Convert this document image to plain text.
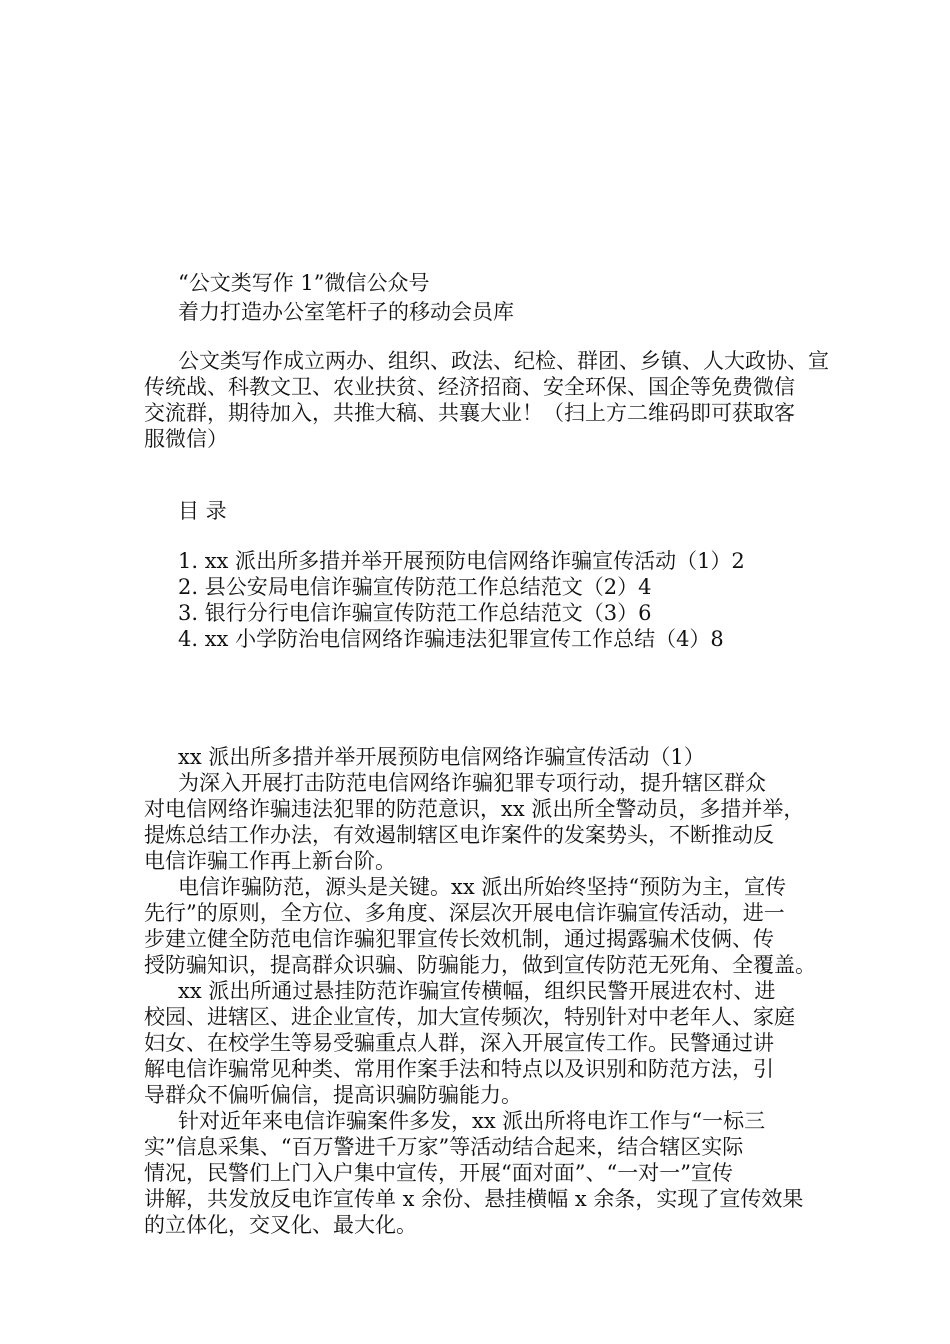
“公文类写作 1”微信公众号
着力打造办公室笔杆子的移动会员库
公文类写作成立两办、组织、政法、纪检、群团、乡镇、人大政协、宣
传统战、科教文卫、农业扶贫、经济招商、安全环保、国企等免费微信
交流群，期待加入，共推大稿、共襄大业！（扫上方二维码即可获取客
服微信）
目 录
1. xx 派出所多措并举开展预防电信网络诈骗宣传活动（1）2
2. 县公安局电信诈骗宣传防范工作总结范文（2）4
3. 银行分行电信诈骗宣传防范工作总结范文（3）6
4. xx 小学防治电信网络诈骗违法犯罪宣传工作总结（4）8
xx 派出所多措并举开展预防电信网络诈骗宣传活动（1）
为深入开展打击防范电信网络诈骗犯罪专项行动，提升辖区群众
对电信网络诈骗违法犯罪的防范意识，xx 派出所全警动员，多措并举，
提炼总结工作办法，有效遏制辖区电诈案件的发案势头，不断推动反
电信诈骗工作再上新台阶。
电信诈骗防范，源头是关键。xx 派出所始终坚持“预防为主，宣传
先行”的原则，全方位、多角度、深层次开展电信诈骗宣传活动，进一
步建立健全防范电信诈骗犯罪宣传长效机制，通过揭露骗术伎俩、传
授防骗知识，提高群众识骗、防骗能力，做到宣传防范无死角、全覆盖。
xx 派出所通过悬挂防范诈骗宣传横幅，组织民警开展进农村、进
校园、进辖区、进企业宣传，加大宣传频次，特别针对中老年人、家庭
妇女、在校学生等易受骗重点人群，深入开展宣传工作。民警通过讲
解电信诈骗常见种类、常用作案手法和特点以及识别和防范方法，引
导群众不偏听偏信，提高识骗防骗能力。
针对近年来电信诈骗案件多发，xx 派出所将电诈工作与“一标三
实”信息采集、“百万警进千万家”等活动结合起来，结合辖区实际
情况，民警们上门入户集中宣传，开展“面对面”、“一对一”宣传
讲解，共发放反电诈宣传单 x 余份、悬挂横幅 x 余条，实现了宣传效果
的立体化，交叉化、最大化。
